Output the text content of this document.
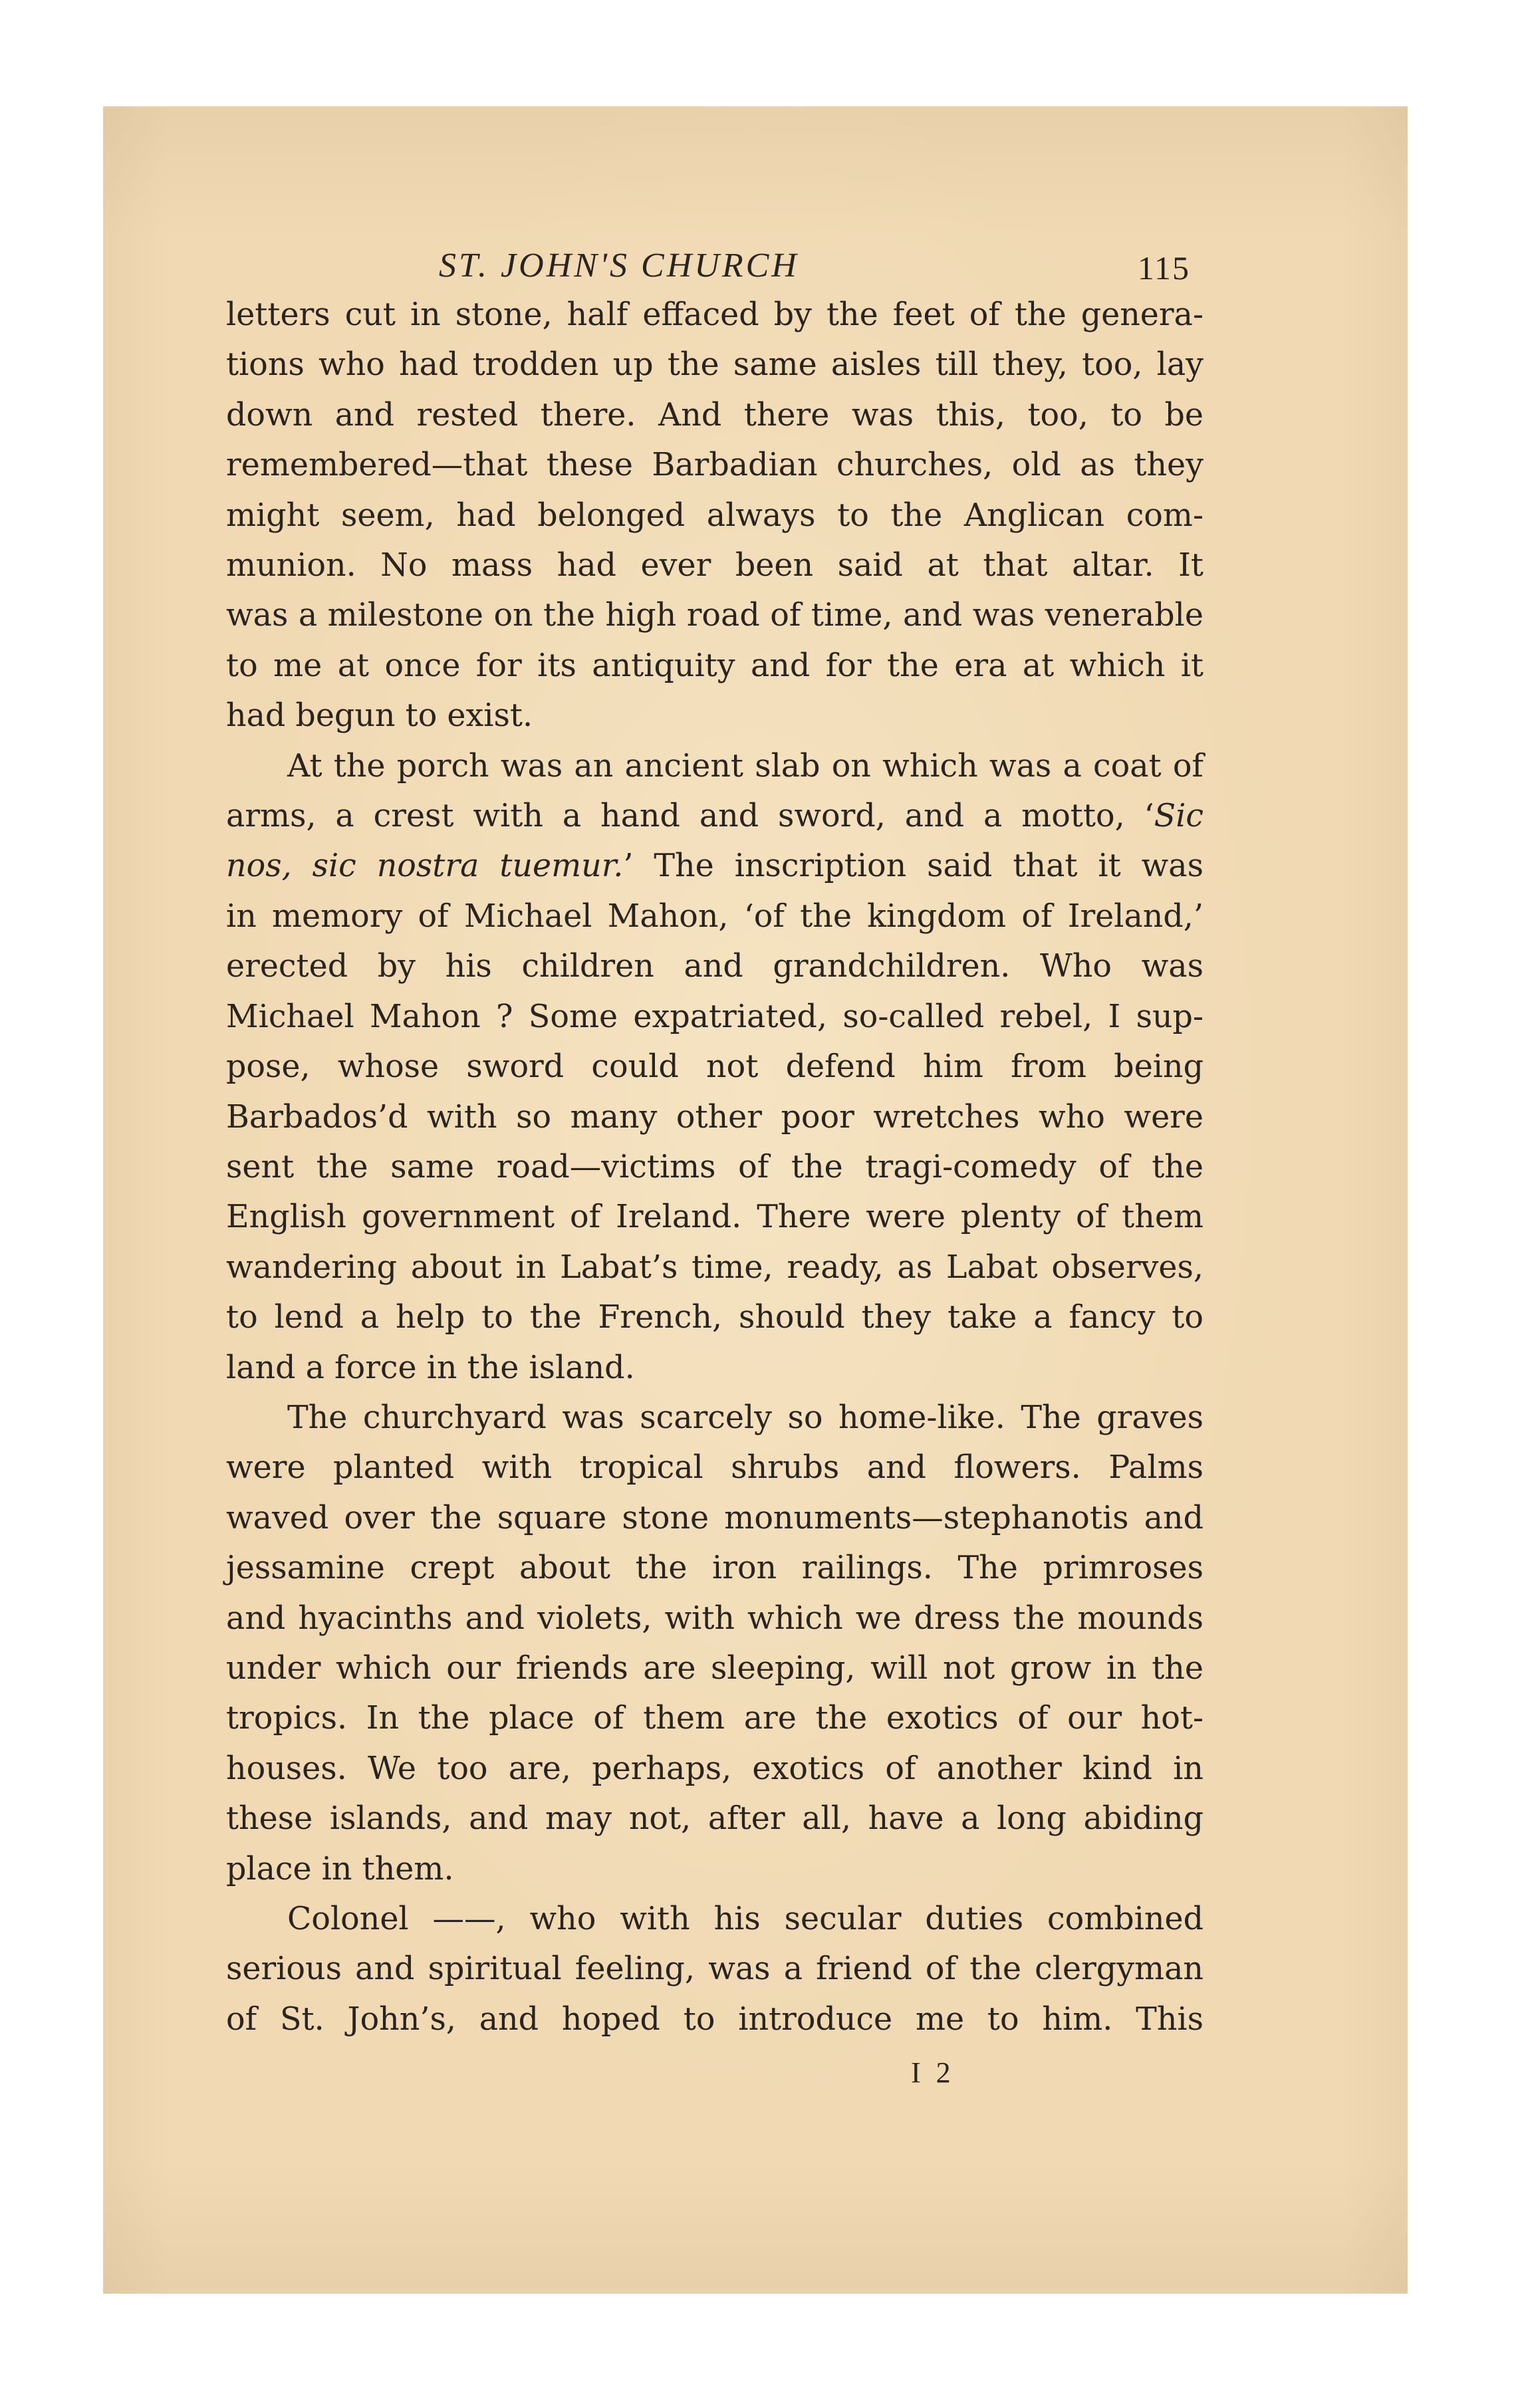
ST. JOHN'S CHURCH	115

letters cut in stone, half effaced by the feet of the genera-
tions who had trodden up the same aisles till they, too, lay
down and rested there. And there was this, too, to be
remembered—that these Barbadian churches, old as they
might seem, had belonged always to the Anglican com-
munion. No mass had ever been said at that altar. It
was a milestone on the high road of time, and was venerable
to me at once for its antiquity and for the era at which it
had begun to exist.

At the porch was an ancient slab on which was a coat of
arms, a crest with a hand and sword, and a motto, ‘Sic
nos, sic nostra tuemur.’ The inscription said that it was
in memory of Michael Mahon, ‘of the kingdom of Ireland,’
erected by his children and grandchildren. Who was
Michael Mahon ? Some expatriated, so-called rebel, I sup-
pose, whose sword could not defend him from being
Barbados’d with so many other poor wretches who were
sent the same road—victims of the tragi-comedy of the
English government of Ireland. There were plenty of them
wandering about in Labat’s time, ready, as Labat observes,
to lend a help to the French, should they take a fancy to
land a force in the island.

The churchyard was scarcely so home-like. The graves
were planted with tropical shrubs and flowers. Palms
waved over the square stone monuments—stephanotis and
jessamine crept about the iron railings. The primroses
and hyacinths and violets, with which we dress the mounds
under which our friends are sleeping, will not grow in the
tropics. In the place of them are the exotics of our hot-
houses. We too are, perhaps, exotics of another kind in
these islands, and may not, after all, have a long abiding
place in them.

Colonel ——, who with his secular duties combined
serious and spiritual feeling, was a friend of the clergyman
of St. John’s, and hoped to introduce me to him. This

I 2
